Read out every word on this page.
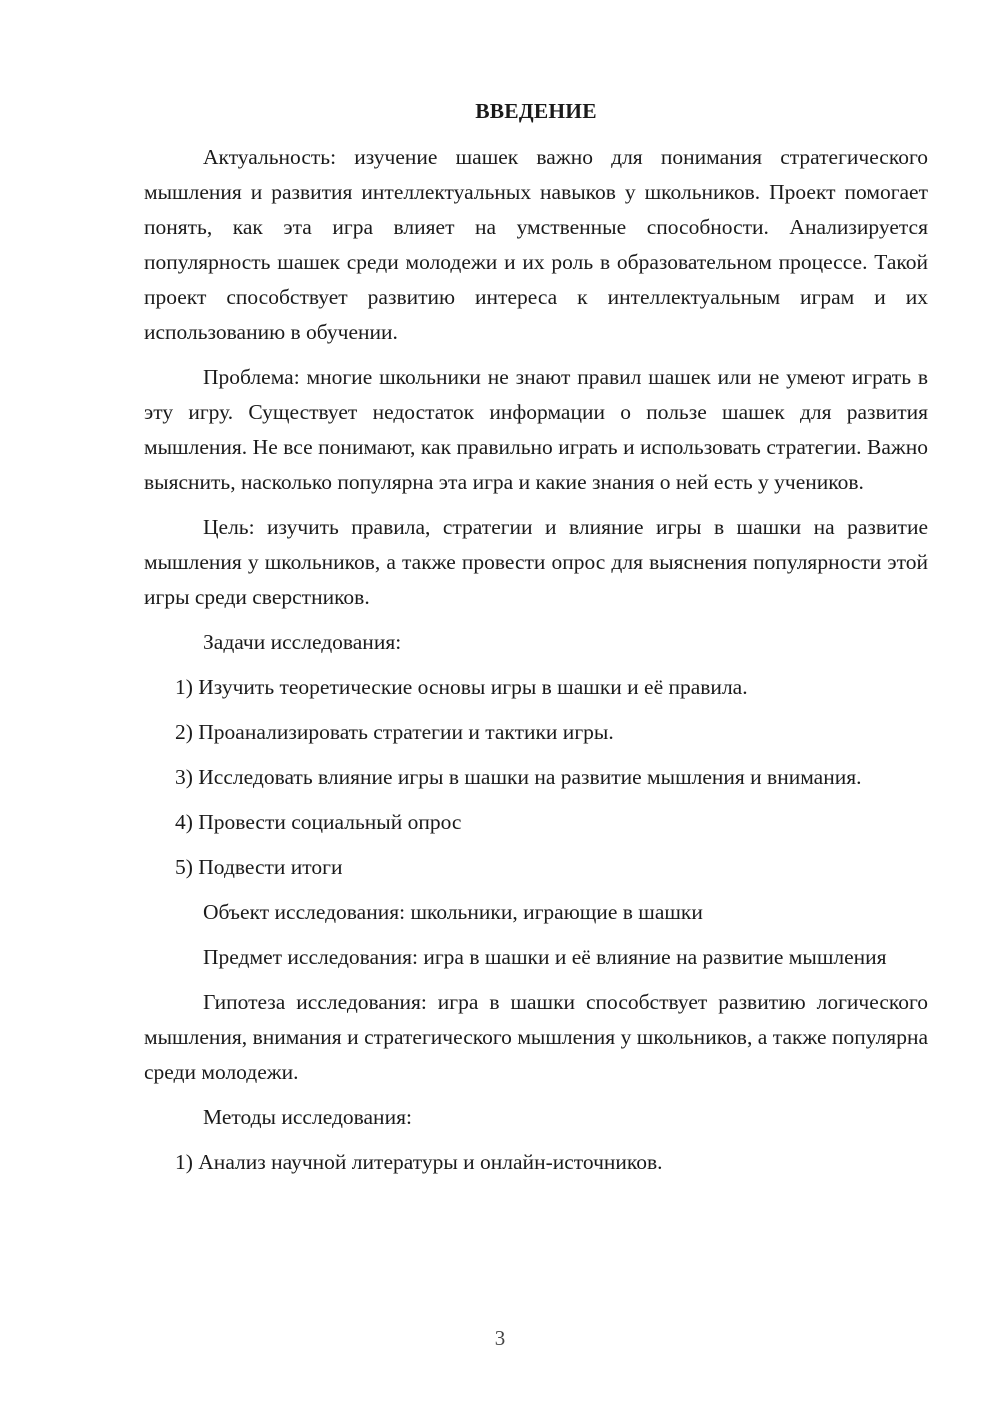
ВВЕДЕНИЕ

Актуальность: изучение шашек важно для понимания стратегического мышления и развития интеллектуальных навыков у школьников. Проект помогает понять, как эта игра влияет на умственные способности. Анализируется популярность шашек среди молодежи и их роль в образовательном процессе. Такой проект способствует развитию интереса к интеллектуальным играм и их использованию в обучении.

Проблема: многие школьники не знают правил шашек или не умеют играть в эту игру. Существует недостаток информации о пользе шашек для развития мышления. Не все понимают, как правильно играть и использовать стратегии. Важно выяснить, насколько популярна эта игра и какие знания о ней есть у учеников.

Цель: изучить правила, стратегии и влияние игры в шашки на развитие мышления у школьников, а также провести опрос для выяснения популярности этой игры среди сверстников.

Задачи исследования:

1) Изучить теоретические основы игры в шашки и её правила.

2) Проанализировать стратегии и тактики игры.

3) Исследовать влияние игры в шашки на развитие мышления и внимания.

4) Провести социальный опрос

5) Подвести итоги

Объект исследования: школьники, играющие в шашки

Предмет исследования: игра в шашки и её влияние на развитие мышления

Гипотеза исследования: игра в шашки способствует развитию логического мышления, внимания и стратегического мышления у школьников, а также популярна среди молодежи.

Методы исследования:

1) Анализ научной литературы и онлайн-источников.

3
